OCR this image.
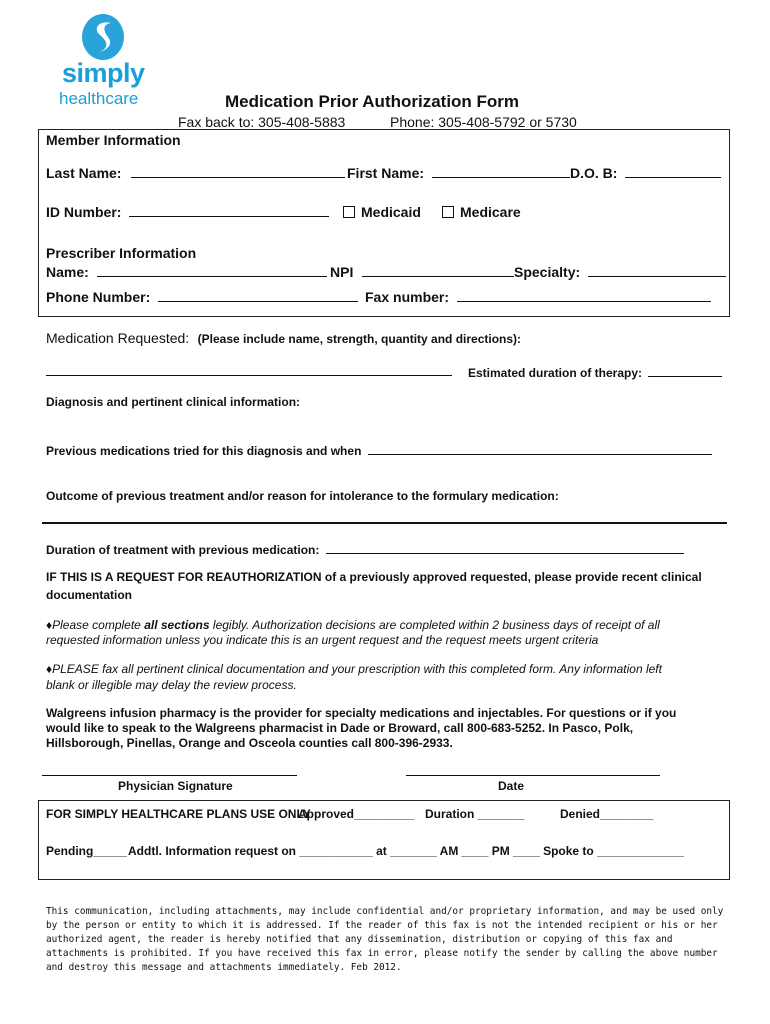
simply
healthcare	Medication Prior Authorization Form
Fax back to: 305-408-5883	Phone: 305-408-5792 or 5730
Member Information
Last Name:	First Name:	D.O. B:
ID Number:	Medicaid	Medicare
Prescriber Information
Name:	NPI	Specialty:
Phone Number:	Fax number:
Medication Requested: (Please include name, strength, quantity and directions):
Estimated duration of therapy:
Diagnosis and pertinent clinical information:
Previous medications tried for this diagnosis and when
Outcome of previous treatment and/or reason for intolerance to the formulary medication:
Duration of treatment with previous medication:
IF THIS IS A REQUEST FOR REAUTHORIZATION of a previously approved requested, please provide recent clinical
documentation
♦Please complete all sections legibly. Authorization decisions are completed within 2 business days of receipt of all
requested information unless you indicate this is an urgent request and the request meets urgent criteria
♦PLEASE fax all pertinent clinical documentation and your prescription with this completed form. Any information left
blank or illegible may delay the review process.
Walgreens infusion pharmacy is the provider for specialty medications and injectables. For questions or if you
would like to speak to the Walgreens pharmacist in Dade or Broward, call 800-683-5252. In Pasco, Polk,
Hillsborough, Pinellas, Orange and Osceola counties call 800-396-2933.
Physician Signature	Date
FOR SIMPLY HEALTHCARE PLANS USE ONLY
Approved_________ Duration _______	Denied________
Pending_____ Addtl. Information request on ___________ at _______ AM ____ PM ____ Spoke to _____________
This communication, including attachments, may include confidential and/or proprietary information, and may be used only
by the person or entity to which it is addressed. If the reader of this fax is not the intended recipient or his or her
authorized agent, the reader is hereby notified that any dissemination, distribution or copying of this fax and
attachments is prohibited. If you have received this fax in error, please notify the sender by calling the above number
and destroy this message and attachments immediately. Feb 2012.
